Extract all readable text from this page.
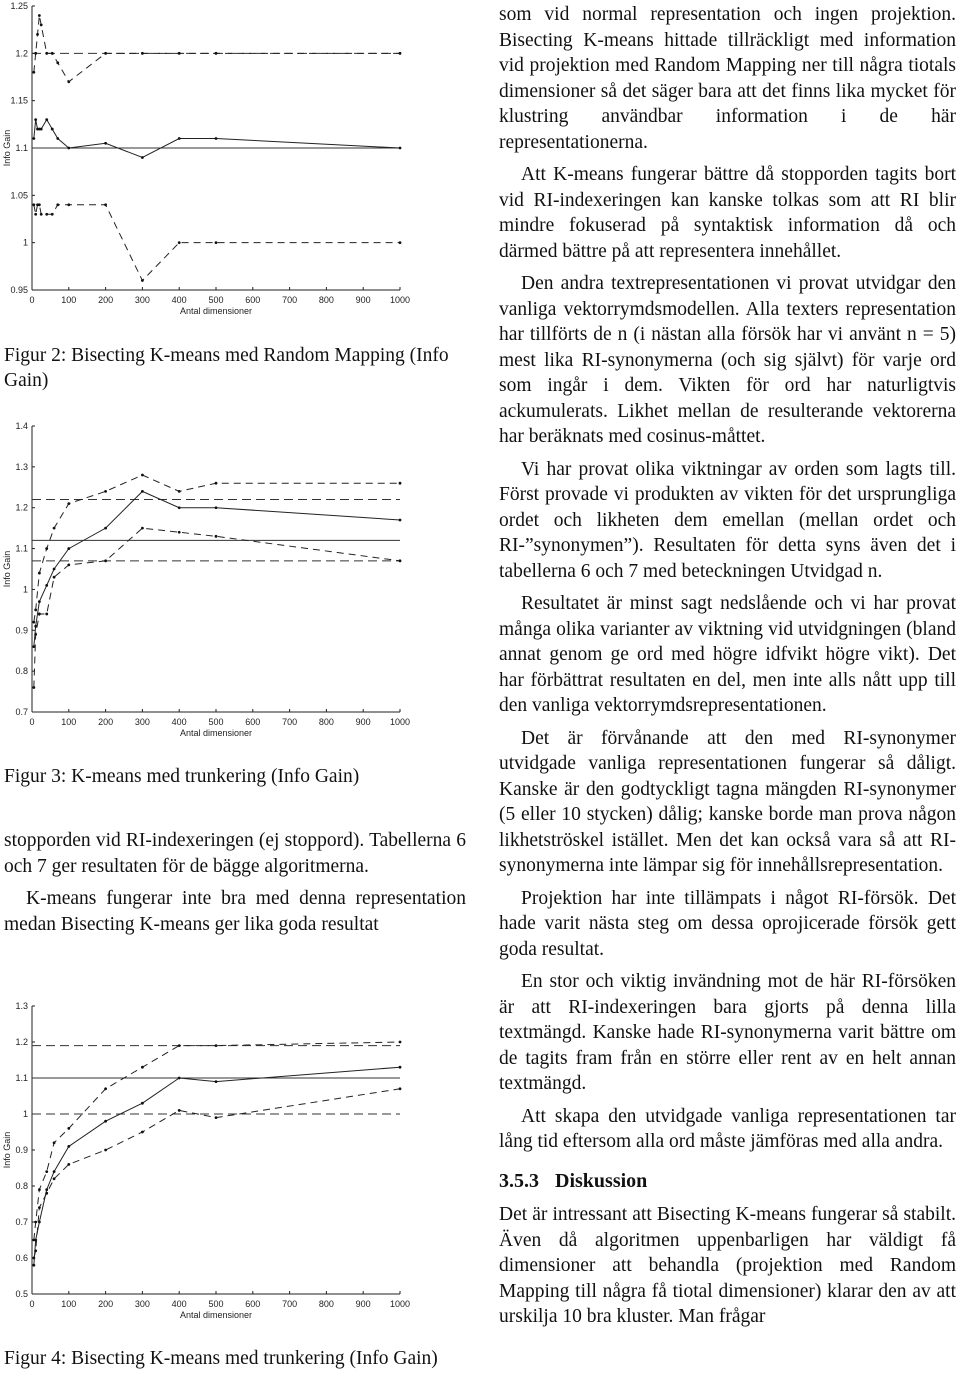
0	100 200 300 400 500 600 700 800 900 1000
0.95
1
1.05
1.1
1.15
1.2
1.25
Antal dimensioner
Info Gain
Figur 2: Bisecting K-means med Random Mapping (Info Gain)
0	100 200 300 400 500 600 700 800 900 1000
0.7
0.8
0.9
1
1.1
1.2
1.3
1.4
Antal dimensioner
Info Gain
Figur 3: K-means med trunkering (Info Gain)

stopporden vid RI-indexeringen (ej stoppord). Tabellerna 6 och 7 ger resultaten för de bägge algoritmerna.

K-means fungerar inte bra med denna representation medan Bisecting K-means ger lika goda resultat

0	100 200 300 400 500 600 700 800 900 1000
0.5
0.6
0.7
0.8
0.9
1
1.1
1.2
1.3
Antal dimensioner
Info Gain
Figur 4: Bisecting K-means med trunkering (Info Gain)

som vid normal representation och ingen projektion. Bisecting K-means hittade tillräckligt med information vid projektion med Random Mapping ner till några tiotals dimensioner så det säger bara att det finns lika mycket för klustring användbar information i de här representationerna.

Att K-means fungerar bättre då stopporden tagits bort vid RI-indexeringen kan kanske tolkas som att RI blir mindre fokuserad på syntaktisk information då och därmed bättre på att representera innehållet.

Den andra textrepresentationen vi provat utvidgar den vanliga vektorrymdsmodellen. Alla texters representation har tillförts de n (i nästan alla försök har vi använt n = 5) mest lika RI-synonymerna (och sig självt) för varje ord som ingår i dem. Vikten för ord har naturligtvis ackumulerats. Likhet mellan de resulterande vektorerna har beräknats med cosinus-måttet.

Vi har provat olika viktningar av orden som lagts till. Först provade vi produkten av vikten för det ursprungliga ordet och likheten dem emellan (mellan ordet och RI-”synonymen”). Resultaten för detta syns även det i tabellerna 6 och 7 med beteckningen Utvidgad n.

Resultatet är minst sagt nedslående och vi har provat många olika varianter av viktning vid utvidgningen (bland annat genom ge ord med högre idfvikt högre vikt). Det har förbättrat resultaten en del, men inte alls nått upp till den vanliga vektorrymdsrepresentationen.

Det är förvånande att den med RI-synonymer utvidgade vanliga representationen fungerar så dåligt. Kanske är den godtyckligt tagna mängden RI-synonymer (5 eller 10 stycken) dålig; kanske borde man prova någon likhetströskel istället. Men det kan också vara så att RI-synonymerna inte lämpar sig för innehållsrepresentation.

Projektion har inte tillämpats i något RI-försök. Det hade varit nästa steg om dessa oprojicerade försök gett goda resultat.

En stor och viktig invändning mot de här RI-försöken är att RI-indexeringen bara gjorts på denna lilla textmängd. Kanske hade RI-synonymerna varit bättre om de tagits fram från en större eller rent av en helt annan textmängd.

Att skapa den utvidgade vanliga representationen tar lång tid eftersom alla ord måste jämföras med alla andra.

3.5.3 Diskussion

Det är intressant att Bisecting K-means fungerar så stabilt. Även då algoritmen uppenbarligen har väldigt få dimensioner att behandla (projektion med Random Mapping till några få tiotal dimensioner) klarar den av att urskilja 10 bra kluster. Man frågar
